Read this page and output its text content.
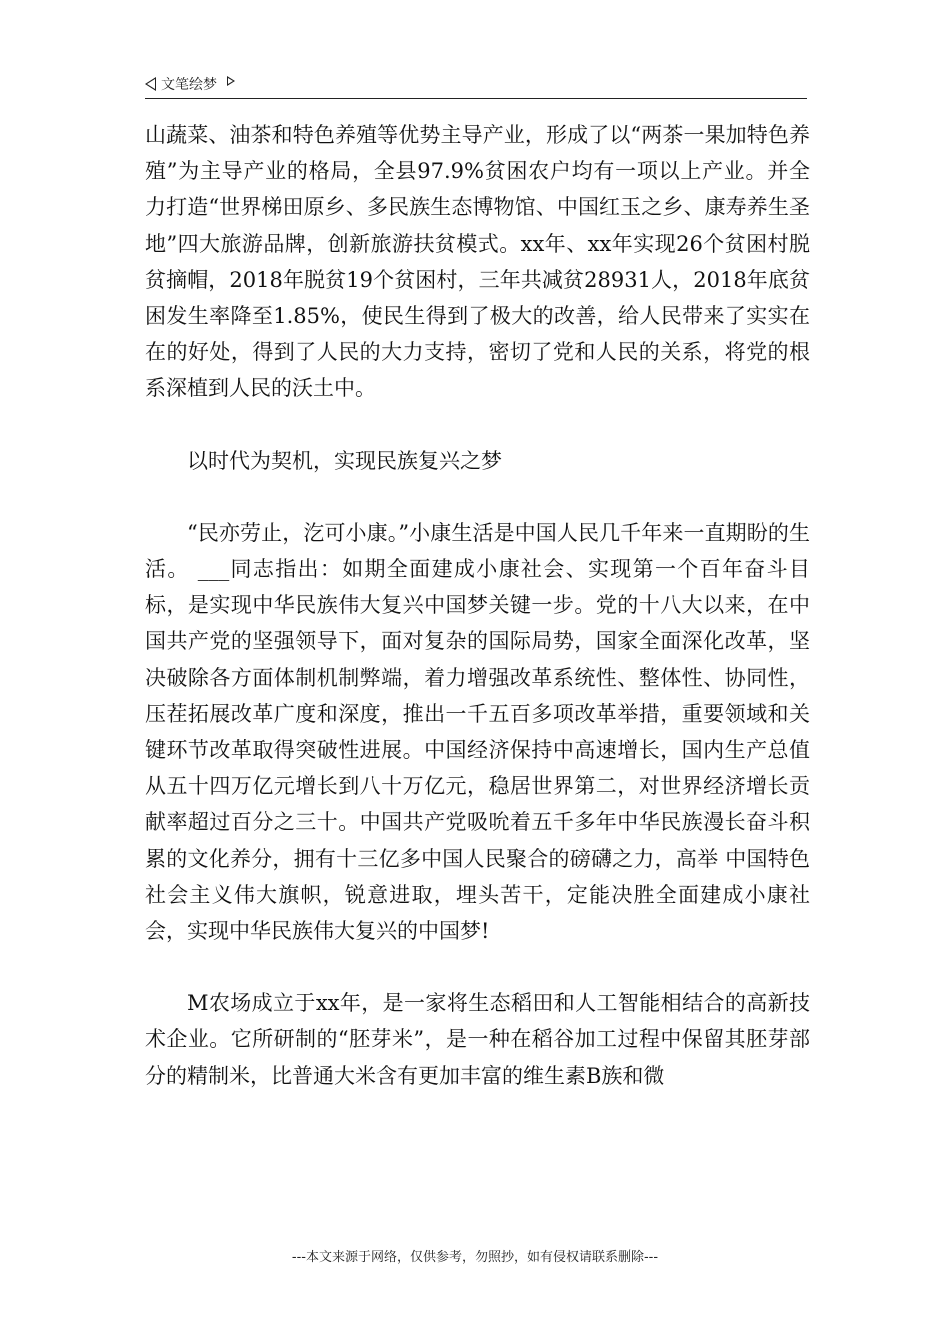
文笔绘梦

山蔬菜、油茶和特色养殖等优势主导产业，形成了以“两茶一果加特色养殖”为主导产业的格局，全县97.9%贫困农户均有一项以上产业。并全力打造“世界梯田原乡、多民族生态博物馆、中国红玉之乡、康寿养生圣地”四大旅游品牌，创新旅游扶贫模式。xx年、xx年实现26个贫困村脱贫摘帽，2018年脱贫19个贫困村，三年共减贫28931人，2018年底贫困发生率降至1.85%，使民生得到了极大的改善，给人民带来了实实在在的好处，得到了人民的大力支持，密切了党和人民的关系，将党的根系深植到人民的沃土中。

以时代为契机，实现民族复兴之梦

“民亦劳止，汔可小康。”小康生活是中国人民几千年来一直期盼的生活。 ___同志指出：如期全面建成小康社会、实现第一个百年奋斗目标，是实现中华民族伟大复兴中国梦关键一步。党的十八大以来，在中国共产党的坚强领导下，面对复杂的国际局势，国家全面深化改革，坚决破除各方面体制机制弊端，着力增强改革系统性、整体性、协同性，压茬拓展改革广度和深度，推出一千五百多项改革举措，重要领域和关键环节改革取得突破性进展。中国经济保持中高速增长，国内生产总值从五十四万亿元增长到八十万亿元，稳居世界第二，对世界经济增长贡献率超过百分之三十。中国共产党吸吮着五千多年中华民族漫长奋斗积累的文化养分，拥有十三亿多中国人民聚合的磅礴之力，高举 中国特色社会主义伟大旗帜，锐意进取，埋头苦干，定能决胜全面建成小康社会，实现中华民族伟大复兴的中国梦!

M农场成立于xx年，是一家将生态稻田和人工智能相结合的高新技术企业。它所研制的“胚芽米”，是一种在稻谷加工过程中保留其胚芽部分的精制米，比普通大米含有更加丰富的维生素B族和微

---本文来源于网络，仅供参考，勿照抄，如有侵权请联系删除---
